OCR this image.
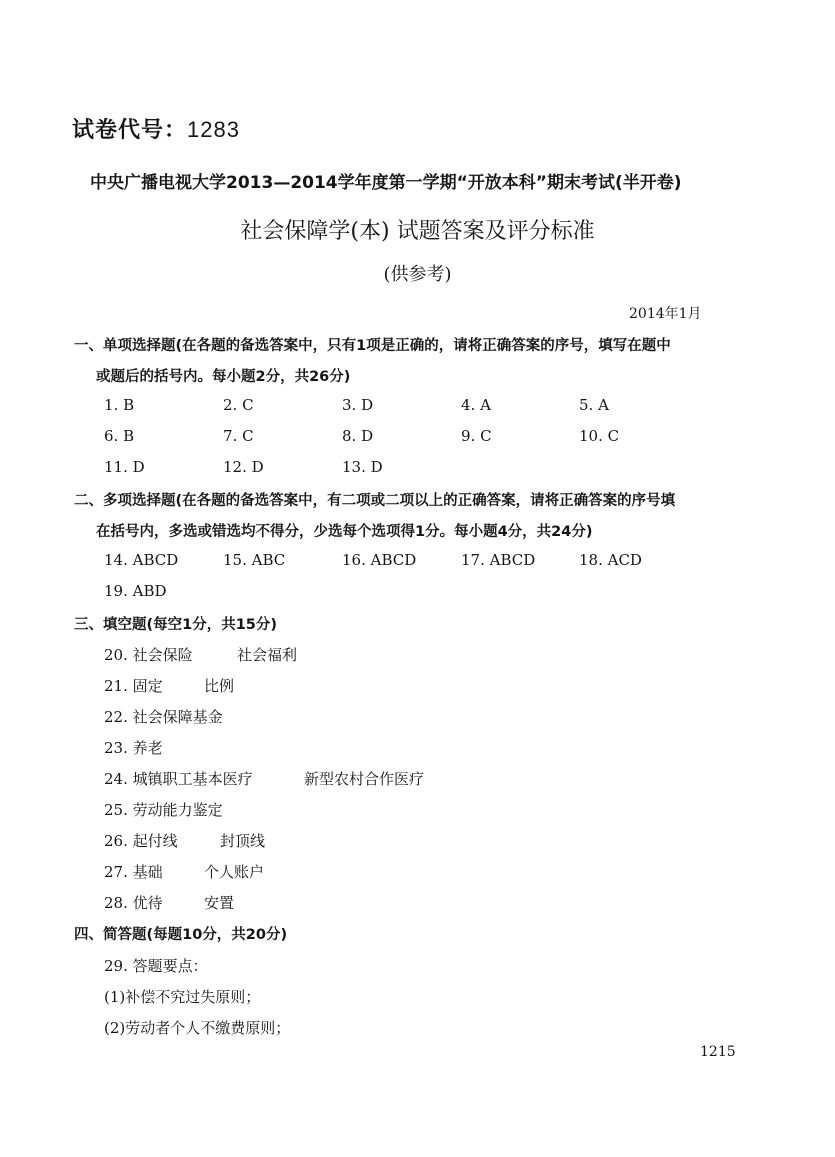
试卷代号：1283
中央广播电视大学2013—2014学年度第一学期“开放本科”期末考试(半开卷)
社会保障学(本) 试题答案及评分标准
(供参考)
2014年1月
一、单项选择题(在各题的备选答案中，只有1项是正确的，请将正确答案的序号，填写在题中
或题后的括号内。每小题2分，共26分)
1. B	2. C	3. D	4. A	5. A
6. B	7. C	8. D	9. C	10. C
11. D	12. D	13. D
二、多项选择题(在各题的备选答案中，有二项或二项以上的正确答案，请将正确答案的序号填
在括号内，多选或错选均不得分，少选每个选项得1分。每小题4分，共24分)
14. ABCD	15. ABC	16. ABCD	17. ABCD	18. ACD
19. ABD
三、填空题(每空1分，共15分)
20. 社会保险	社会福利
21. 固定	比例
22. 社会保障基金
23. 养老
24. 城镇职工基本医疗	新型农村合作医疗
25. 劳动能力鉴定
26. 起付线	封顶线
27. 基础	个人账户
28. 优待	安置
四、简答题(每题10分，共20分)
29. 答题要点：
(1)补偿不究过失原则；
(2)劳动者个人不缴费原则；
1215
